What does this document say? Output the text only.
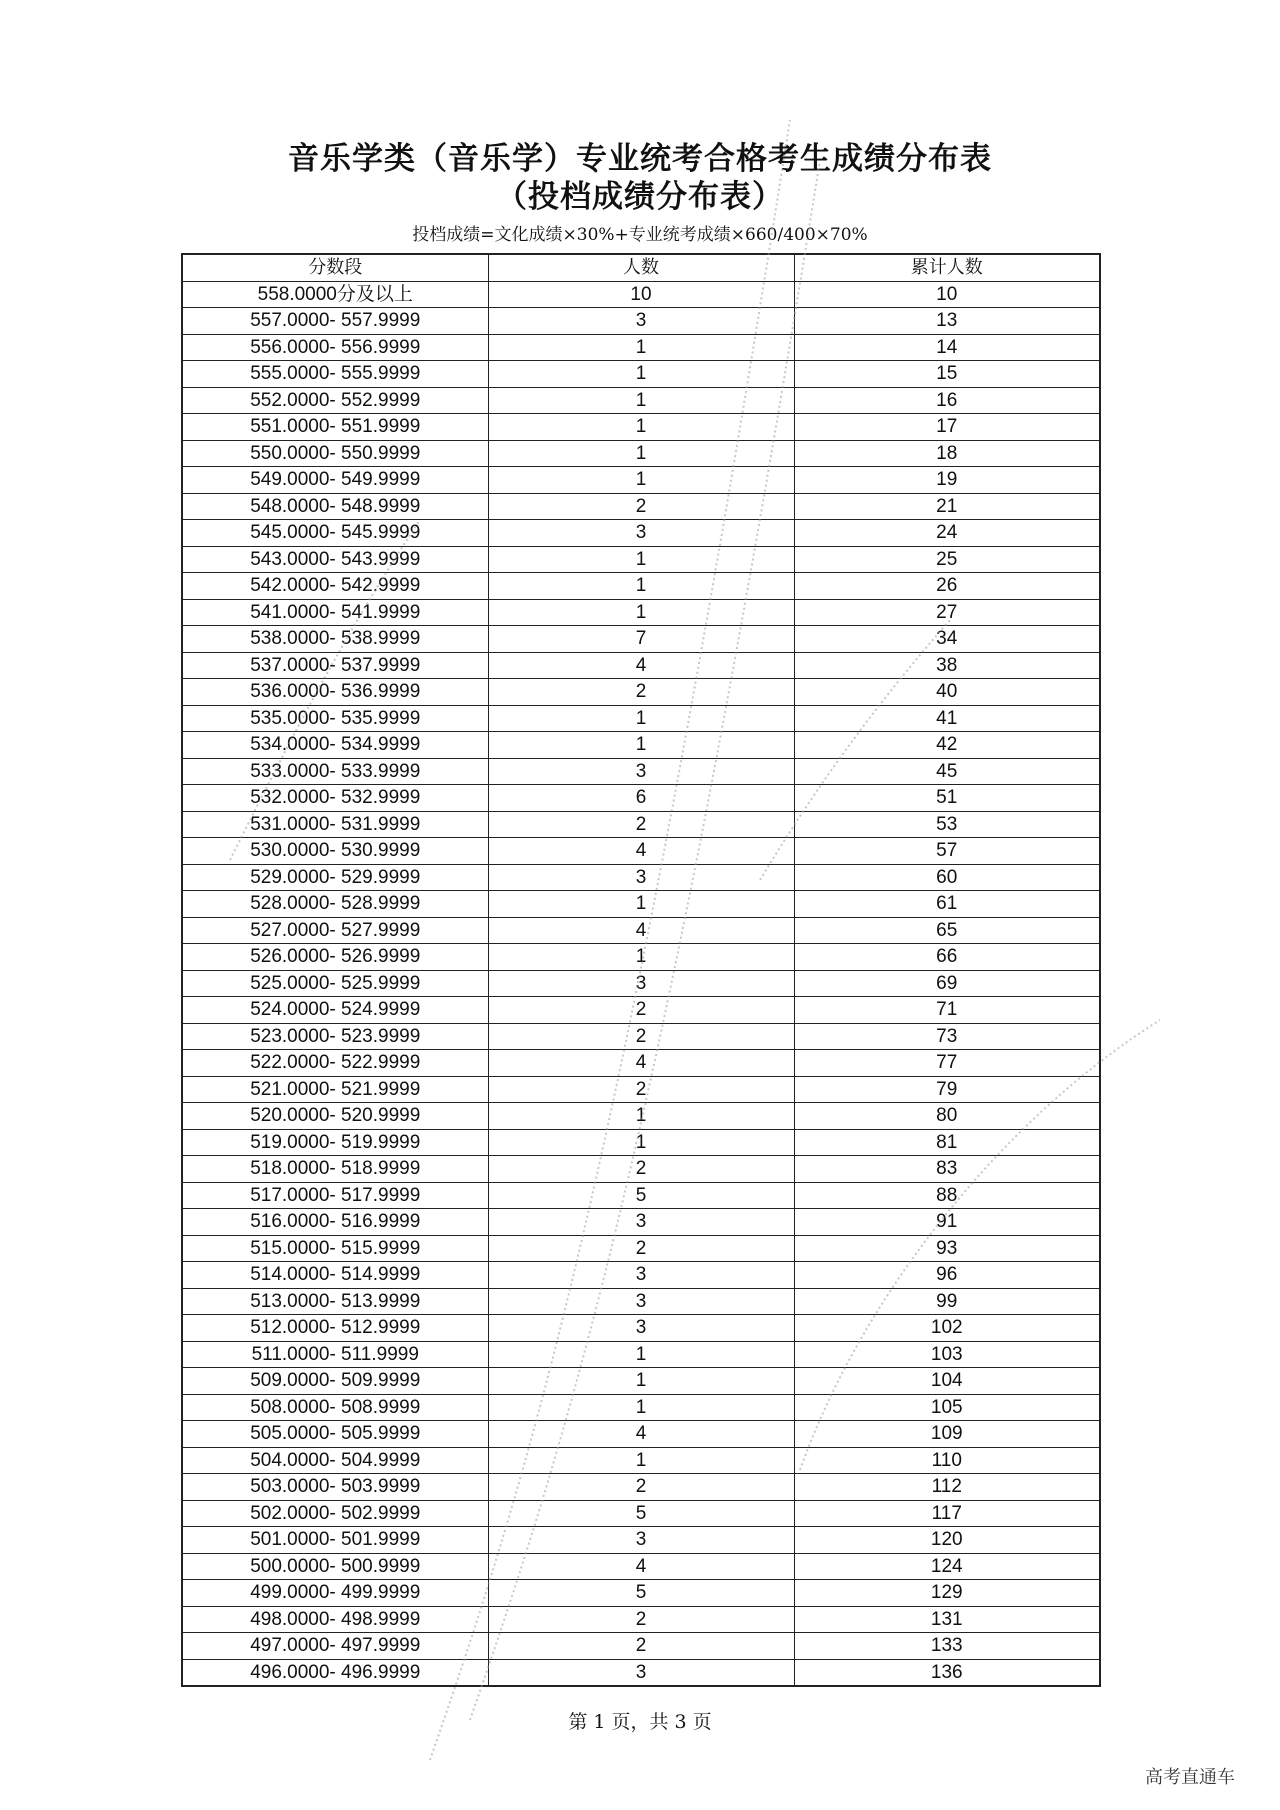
音乐学类（音乐学）专业统考合格考生成绩分布表
（投档成绩分布表）
投档成绩=文化成绩×30%+专业统考成绩×660/400×70%
分数段	人数	累计人数
558.0000分及以上	10	10
557.0000- 557.9999	3	13
556.0000- 556.9999	1	14
555.0000- 555.9999	1	15
552.0000- 552.9999	1	16
551.0000- 551.9999	1	17
550.0000- 550.9999	1	18
549.0000- 549.9999	1	19
548.0000- 548.9999	2	21
545.0000- 545.9999	3	24
543.0000- 543.9999	1	25
542.0000- 542.9999	1	26
541.0000- 541.9999	1	27
538.0000- 538.9999	7	34
537.0000- 537.9999	4	38
536.0000- 536.9999	2	40
535.0000- 535.9999	1	41
534.0000- 534.9999	1	42
533.0000- 533.9999	3	45
532.0000- 532.9999	6	51
531.0000- 531.9999	2	53
530.0000- 530.9999	4	57
529.0000- 529.9999	3	60
528.0000- 528.9999	1	61
527.0000- 527.9999	4	65
526.0000- 526.9999	1	66
525.0000- 525.9999	3	69
524.0000- 524.9999	2	71
523.0000- 523.9999	2	73
522.0000- 522.9999	4	77
521.0000- 521.9999	2	79
520.0000- 520.9999	1	80
519.0000- 519.9999	1	81
518.0000- 518.9999	2	83
517.0000- 517.9999	5	88
516.0000- 516.9999	3	91
515.0000- 515.9999	2	93
514.0000- 514.9999	3	96
513.0000- 513.9999	3	99
512.0000- 512.9999	3	102
511.0000- 511.9999	1	103
509.0000- 509.9999	1	104
508.0000- 508.9999	1	105
505.0000- 505.9999	4	109
504.0000- 504.9999	1	110
503.0000- 503.9999	2	112
502.0000- 502.9999	5	117
501.0000- 501.9999	3	120
500.0000- 500.9999	4	124
499.0000- 499.9999	5	129
498.0000- 498.9999	2	131
497.0000- 497.9999	2	133
496.0000- 496.9999	3	136
第 1 页，共 3 页
高考直通车
